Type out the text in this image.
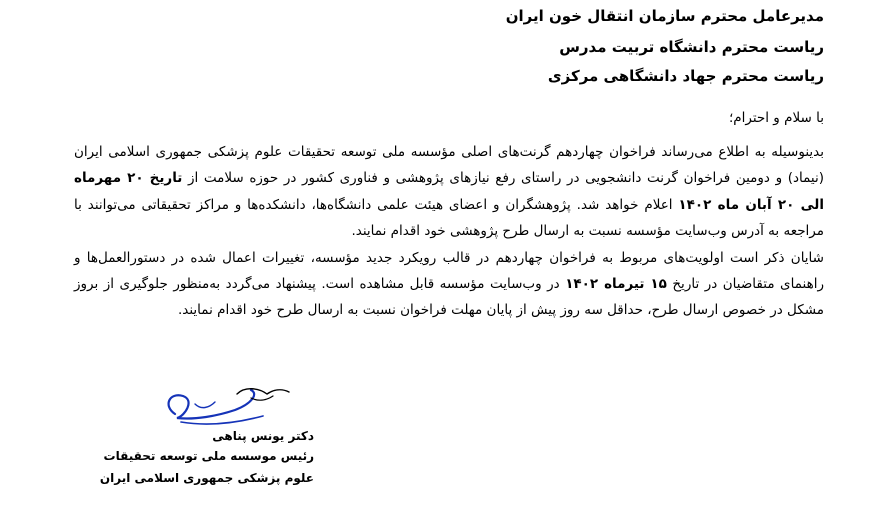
مدیرعامل محترم سازمان انتقال خون ایران
ریاست محترم دانشگاه تربیت مدرس
ریاست محترم جهاد دانشگاهی مرکزی
با سلام و احترام؛

بدینوسیله به اطلاع می‌رساند فراخوان چهاردهم گرنت‌های اصلی مؤسسه ملی توسعه تحقیقات علوم پزشکی جمهوری اسلامی ایران (نیماد) و دومین فراخوان گرنت دانشجویی در راستای رفع نیازهای پژوهشی و فناوری کشور در حوزه سلامت از تاریخ ۲۰ مهرماه الی ۲۰ آبان ماه ۱۴۰۲ اعلام خواهد شد. پژوهشگران و اعضای هیئت علمی دانشگاه‌ها، دانشکده‌ها و مراکز تحقیقاتی می‌توانند با مراجعه به آدرس وب‌سایت مؤسسه نسبت به ارسال طرح پژوهشی خود اقدام نمایند.

شایان ذکر است اولویت‌های مربوط به فراخوان چهاردهم در قالب رویکرد جدید مؤسسه، تغییرات اعمال شده در دستورالعمل‌ها و راهنمای متقاضیان در تاریخ ۱۵ تیرماه ۱۴۰۲ در وب‌سایت مؤسسه قابل مشاهده است. پیشنهاد می‌گردد به‌منظور جلوگیری از بروز مشکل در خصوص ارسال طرح، حداقل سه روز پیش از پایان مهلت فراخوان نسبت به ارسال طرح خود اقدام نمایند.

دکتر یونس پناهی
رئیس موسسه ملی توسعه تحقیقات
علوم پزشکی جمهوری اسلامی ایران
